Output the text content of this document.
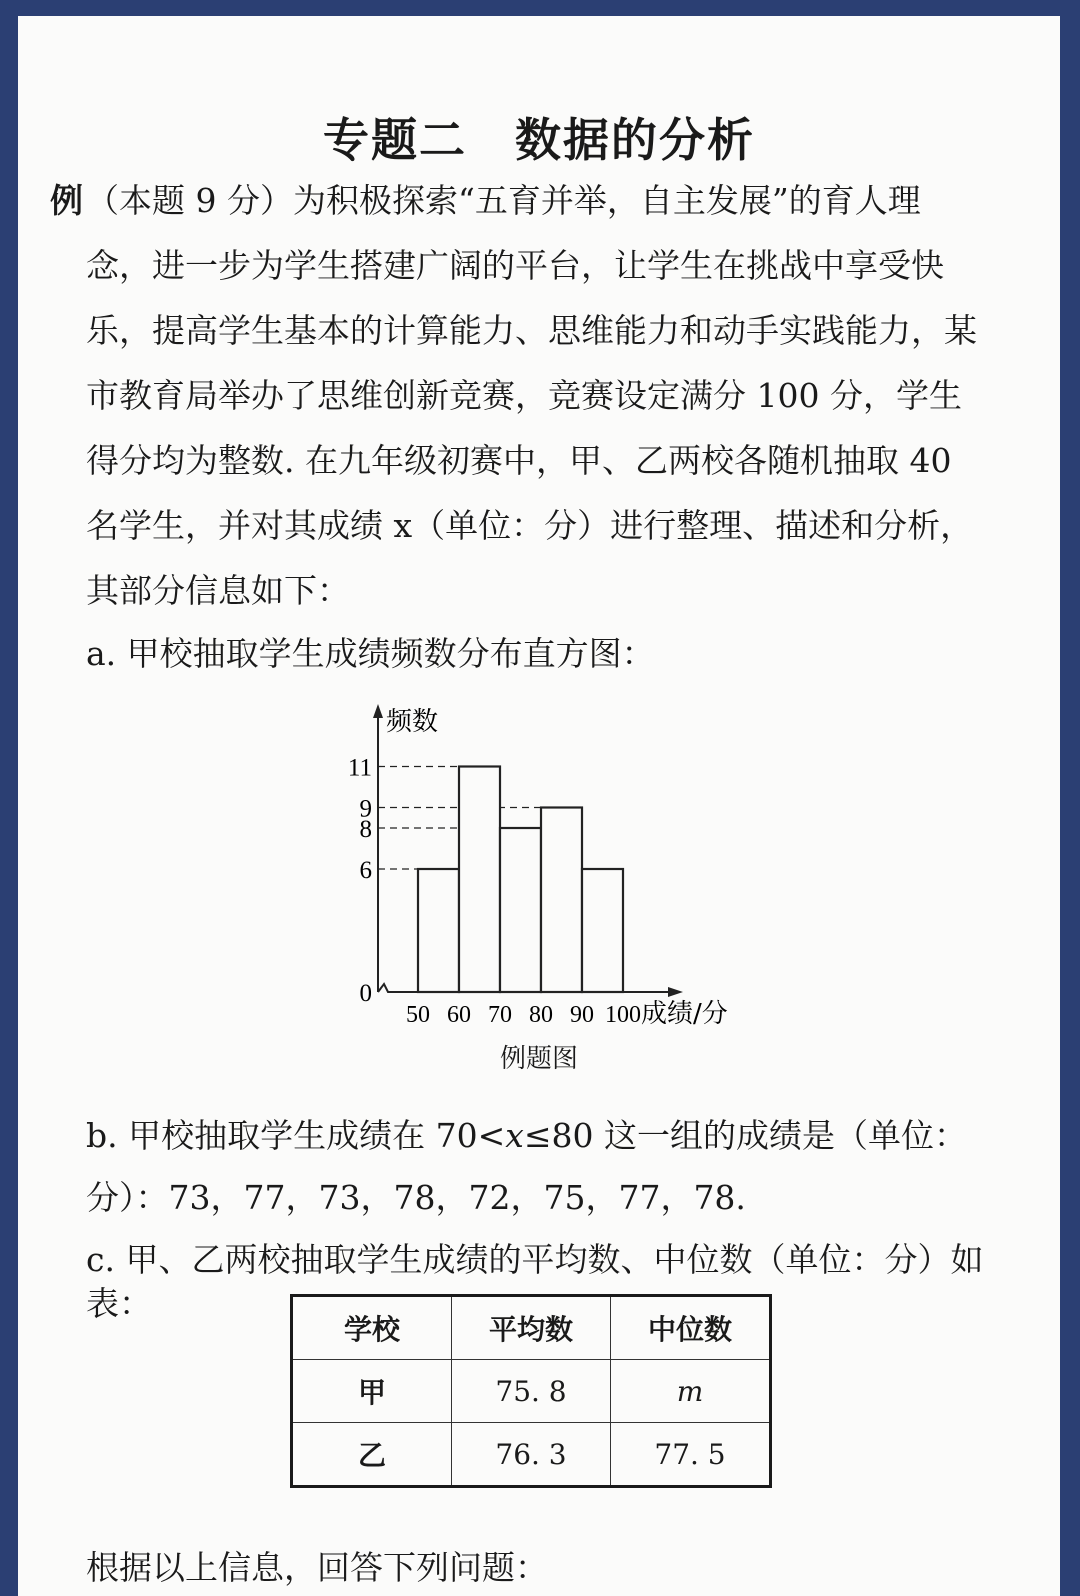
专题二　数据的分析
例 （本题 9 分）为积极探索“五育并举，自主发展”的育人理念，进一步为学生搭建广阔的平台，让学生在挑战中享受快乐，提高学生基本的计算能力、思维能力和动手实践能力，某市教育局举办了思维创新竞赛，竞赛设定满分 100 分，学生得分均为整数. 在九年级初赛中，甲、乙两校各随机抽取 40 名学生，并对其成绩 x（单位：分）进行整理、描述和分析，其部分信息如下：
a. 甲校抽取学生成绩频数分布直方图：
0
6
8
9
11
50 60 70 80 90 100
频数
成绩/分
例题图
b. 甲校抽取学生成绩在 70<x≤80 这一组的成绩是（单位：
分）：73，77，73，78，72，75，77，78.
c. 甲、乙两校抽取学生成绩的平均数、中位数（单位：分）如表：
学校	平均数	中位数
甲	75. 8	m
乙	76. 3	77. 5
根据以上信息，回答下列问题：
